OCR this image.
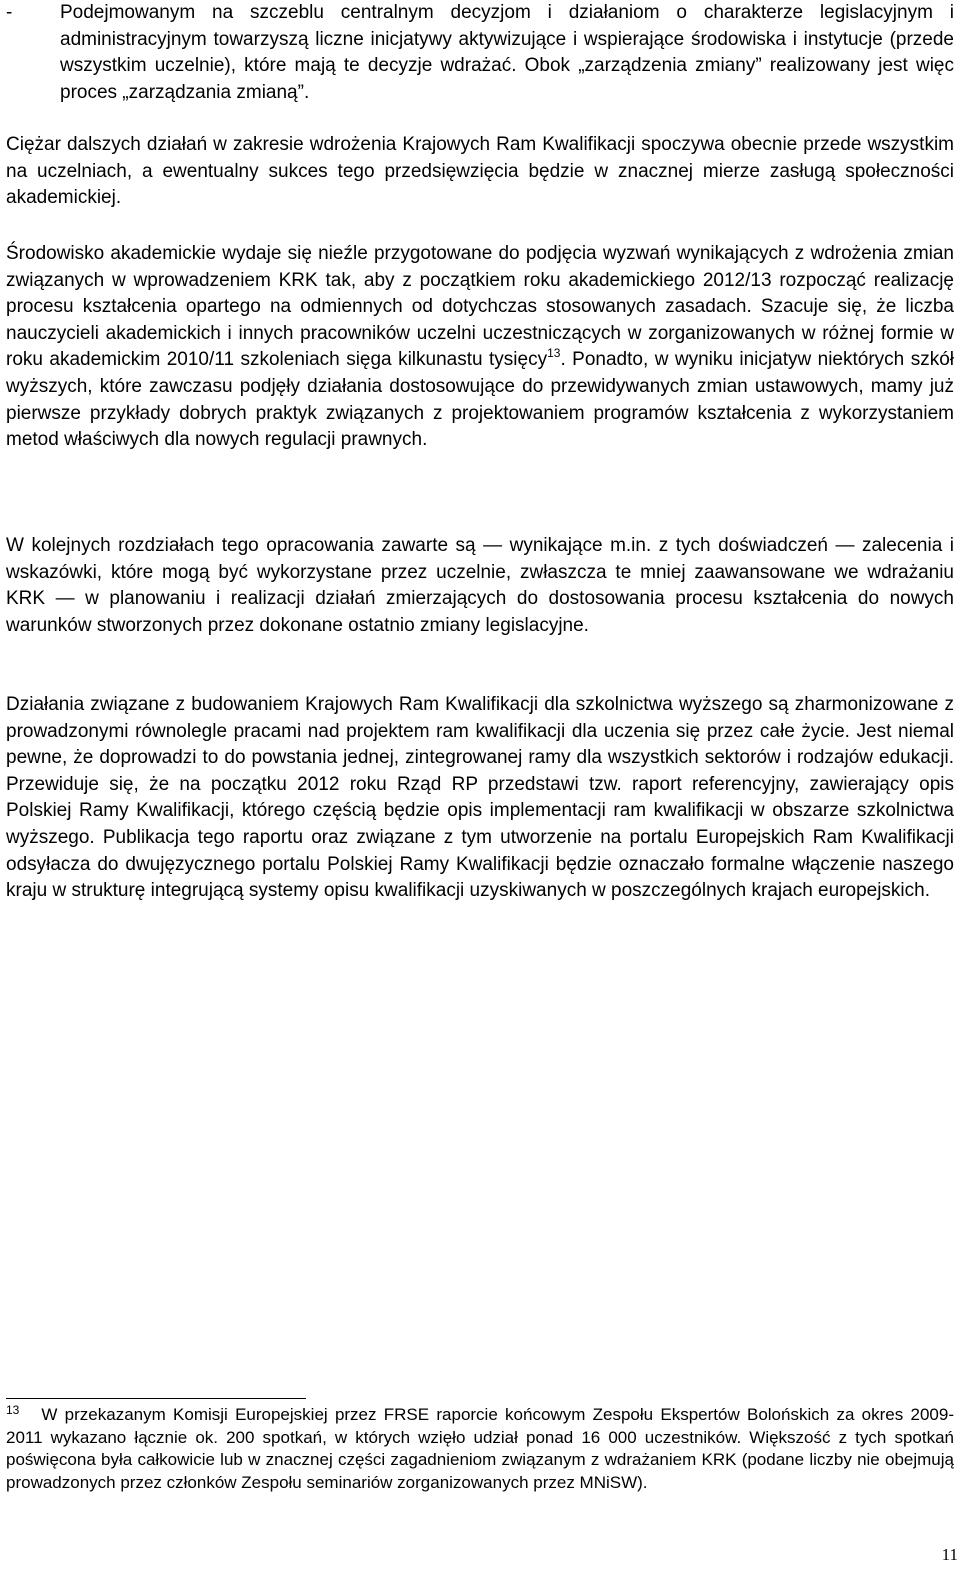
-	Podejmowanym na szczeblu centralnym decyzjom i działaniom o charakterze legislacyjnym i administracyjnym towarzyszą liczne inicjatywy aktywizujące i wspierające środowiska i instytucje (przede wszystkim uczelnie), które mają te decyzje wdrażać. Obok „zarządzenia zmiany” realizowany jest więc proces „zarządzania zmianą”.

Ciężar dalszych działań w zakresie wdrożenia Krajowych Ram Kwalifikacji spoczywa obecnie przede wszystkim na uczelniach, a ewentualny sukces tego przedsięwzięcia będzie w znacznej mierze zasługą społeczności akademickiej.

Środowisko akademickie wydaje się nieźle przygotowane do podjęcia wyzwań wynikających z wdrożenia zmian związanych w wprowadzeniem KRK tak, aby z początkiem roku akademickiego 2012/13 rozpocząć realizację procesu kształcenia opartego na odmiennych od dotychczas stosowanych zasadach. Szacuje się, że liczba nauczycieli akademickich i innych pracowników uczelni uczestniczących w zorganizowanych w różnej formie w roku akademickim 2010/11 szkoleniach sięga kilkunastu tysięcy$^{13}$. Ponadto, w wyniku inicjatyw niektórych szkół wyższych, które zawczasu podjęły działania dostosowujące do przewidywanych zmian ustawowych, mamy już pierwsze przykłady dobrych praktyk związanych z projektowaniem programów kształcenia z wykorzystaniem metod właściwych dla nowych regulacji prawnych.

W kolejnych rozdziałach tego opracowania zawarte są — wynikające m.in. z tych doświadczeń — zalecenia i wskazówki, które mogą być wykorzystane przez uczelnie, zwłaszcza te mniej zaawansowane we wdrażaniu KRK — w planowaniu i realizacji działań zmierzających do dostosowania procesu kształcenia do nowych warunków stworzonych przez dokonane ostatnio zmiany legislacyjne.

Działania związane z budowaniem Krajowych Ram Kwalifikacji dla szkolnictwa wyższego są zharmonizowane z prowadzonymi równolegle pracami nad projektem ram kwalifikacji dla uczenia się przez całe życie. Jest niemal pewne, że doprowadzi to do powstania jednej, zintegrowanej ramy dla wszystkich sektorów i rodzajów edukacji. Przewiduje się, że na początku 2012 roku Rząd RP przedstawi tzw. raport referencyjny, zawierający opis Polskiej Ramy Kwalifikacji, którego częścią będzie opis implementacji ram kwalifikacji w obszarze szkolnictwa wyższego. Publikacja tego raportu oraz związane z tym utworzenie na portalu Europejskich Ram Kwalifikacji odsyłacza do dwujęzycznego portalu Polskiej Ramy Kwalifikacji będzie oznaczało formalne włączenie naszego kraju w strukturę integrującą systemy opisu kwalifikacji uzyskiwanych w poszczególnych krajach europejskich.

$^{13}$ W przekazanym Komisji Europejskiej przez FRSE raporcie końcowym Zespołu Ekspertów Bolońskich za okres 2009-2011 wykazano łącznie ok. 200 spotkań, w których wzięło udział ponad 16 000 uczestników. Większość z tych spotkań poświęcona była całkowicie lub w znacznej części zagadnieniom związanym z wdrażaniem KRK (podane liczby nie obejmują prowadzonych przez członków Zespołu seminariów zorganizowanych przez MNiSW).

11
